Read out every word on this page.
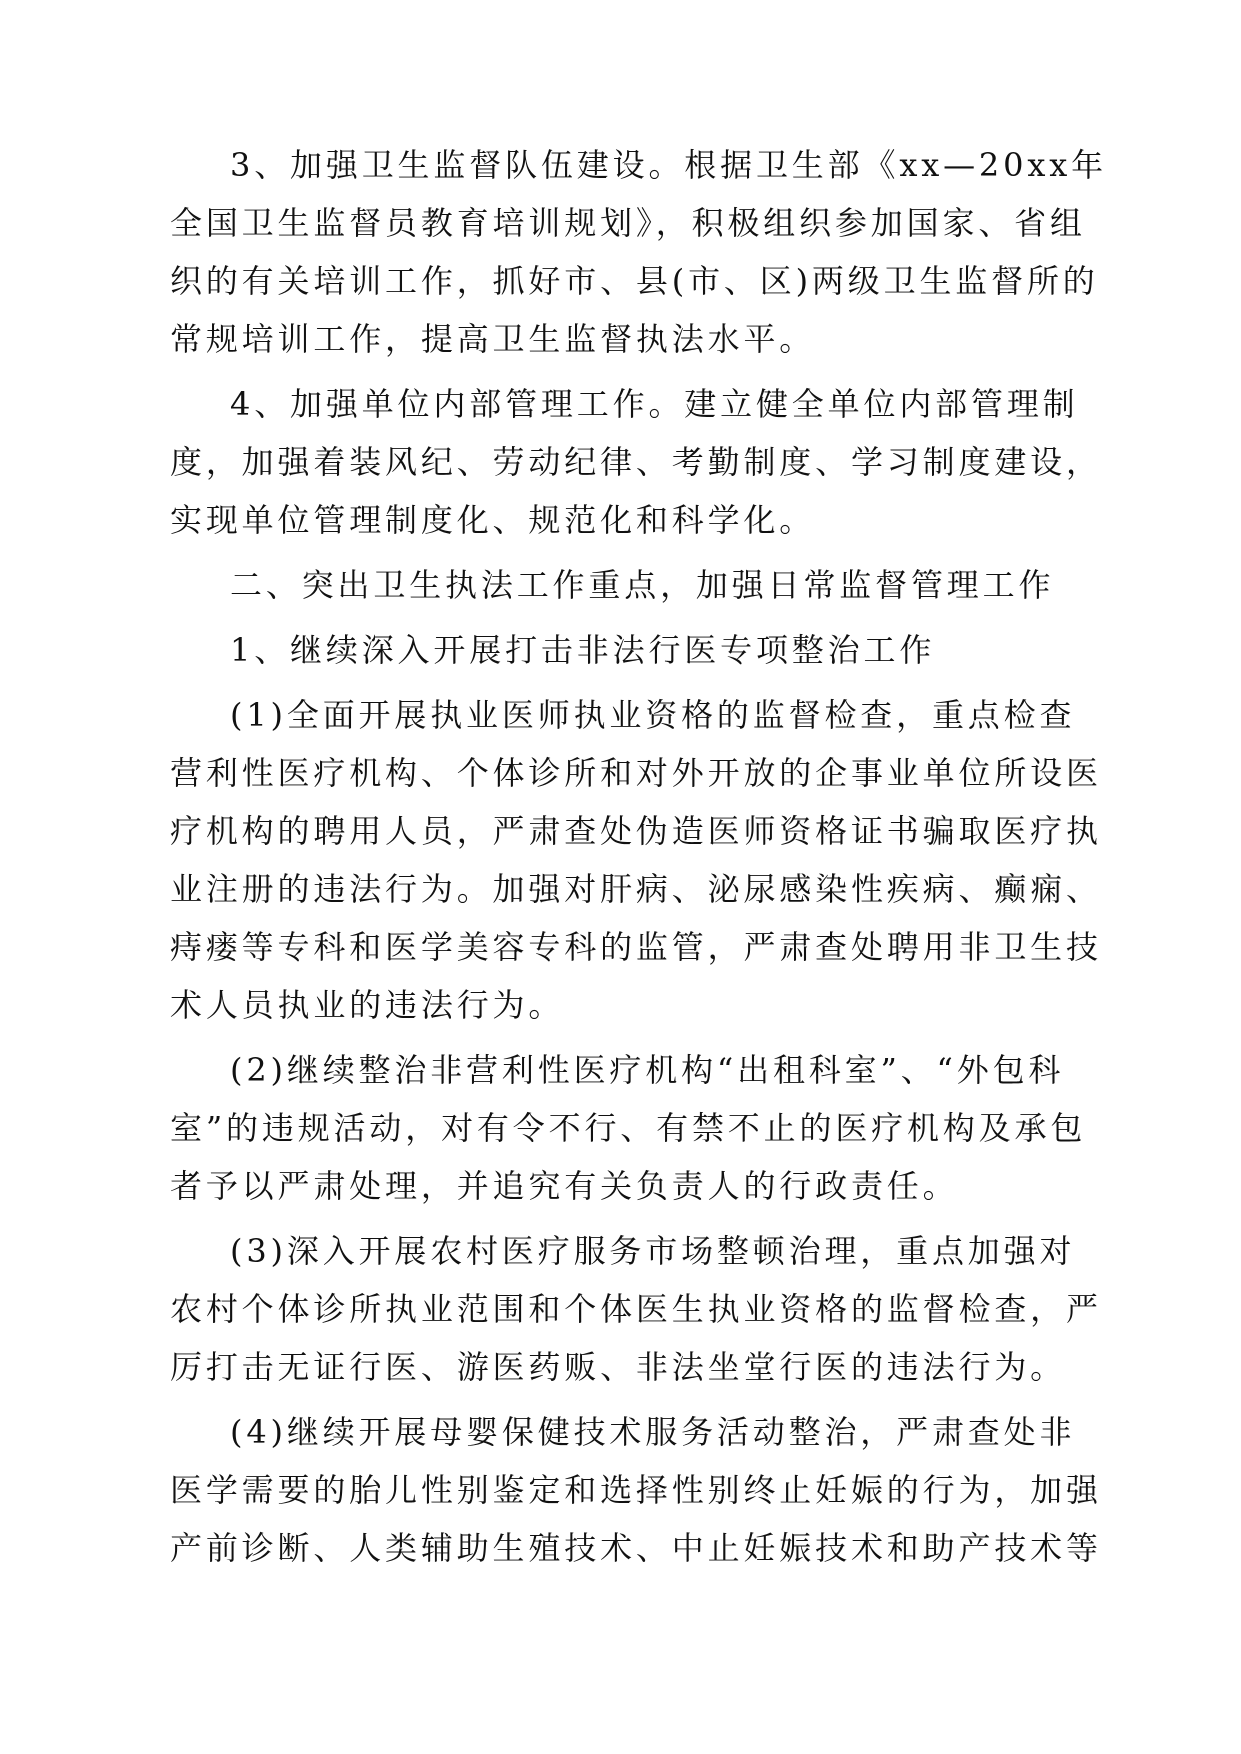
3、加强卫生监督队伍建设。根据卫生部《xx—20xx年
全国卫生监督员教育培训规划》，积极组织参加国家、省组
织的有关培训工作，抓好市、县(市、区)两级卫生监督所的
常规培训工作，提高卫生监督执法水平。
4、加强单位内部管理工作。建立健全单位内部管理制
度，加强着装风纪、劳动纪律、考勤制度、学习制度建设，
实现单位管理制度化、规范化和科学化。
二、突出卫生执法工作重点，加强日常监督管理工作
1、继续深入开展打击非法行医专项整治工作
(1)全面开展执业医师执业资格的监督检查，重点检查
营利性医疗机构、个体诊所和对外开放的企事业单位所设医
疗机构的聘用人员，严肃查处伪造医师资格证书骗取医疗执
业注册的违法行为。加强对肝病、泌尿感染性疾病、癫痫、
痔瘘等专科和医学美容专科的监管，严肃查处聘用非卫生技
术人员执业的违法行为。
(2)继续整治非营利性医疗机构“出租科室”、“外包科
室”的违规活动，对有令不行、有禁不止的医疗机构及承包
者予以严肃处理，并追究有关负责人的行政责任。
(3)深入开展农村医疗服务市场整顿治理，重点加强对
农村个体诊所执业范围和个体医生执业资格的监督检查，严
厉打击无证行医、游医药贩、非法坐堂行医的违法行为。
(4)继续开展母婴保健技术服务活动整治，严肃查处非
医学需要的胎儿性别鉴定和选择性别终止妊娠的行为，加强
产前诊断、人类辅助生殖技术、中止妊娠技术和助产技术等
